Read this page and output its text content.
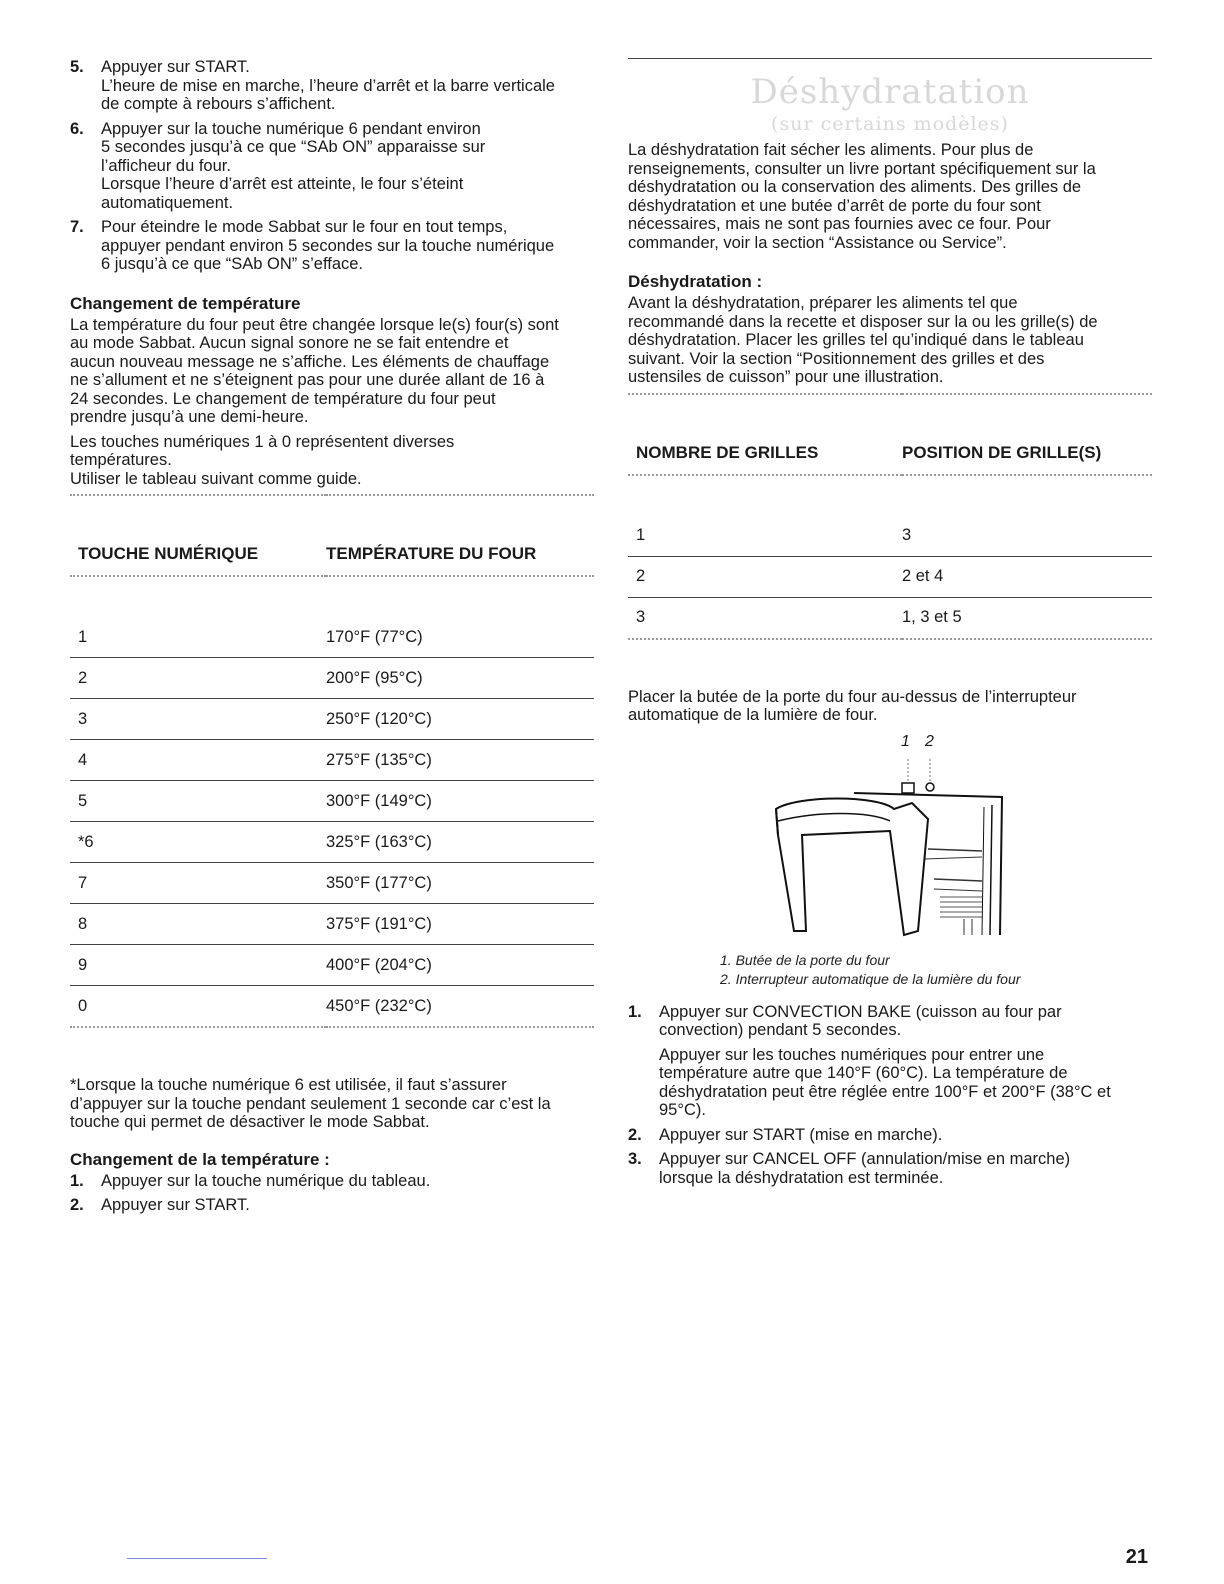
5. Appuyer sur START.
L’heure de mise en marche, l’heure d’arrêt et la barre verticale
de compte à rebours s’affichent.
6. Appuyer sur la touche numérique 6 pendant environ
5 secondes jusqu’à ce que “SAb ON” apparaisse sur
l’afficheur du four.
Lorsque l’heure d’arrêt est atteinte, le four s’éteint
automatiquement.
7. Pour éteindre le mode Sabbat sur le four en tout temps,
appuyer pendant environ 5 secondes sur la touche numérique
6 jusqu’à ce que “SAb ON” s’efface.
Changement de température
La température du four peut être changée lorsque le(s) four(s) sont
au mode Sabbat. Aucun signal sonore ne se fait entendre et
aucun nouveau message ne s’affiche. Les éléments de chauffage
ne s’allument et ne s’éteignent pas pour une durée allant de 16 à
24 secondes. Le changement de température du four peut
prendre jusqu’à une demi-heure.
Les touches numériques 1 à 0 représentent diverses
températures.
Utiliser le tableau suivant comme guide.

TOUCHE NUMÉRIQUE	TEMPÉRATURE DU FOUR

1	170°F (77°C)
2	200°F (95°C)
3	250°F (120°C)
4	275°F (135°C)
5	300°F (149°C)
*6	325°F (163°C)
7	350°F (177°C)
8	375°F (191°C)
9	400°F (204°C)
0	450°F (232°C)

*Lorsque la touche numérique 6 est utilisée, il faut s’assurer
d’appuyer sur la touche pendant seulement 1 seconde car c’est la
touche qui permet de désactiver le mode Sabbat.
Changement de la température :
1. Appuyer sur la touche numérique du tableau.
2. Appuyer sur START.
Déshydratation
(sur certains modèles)
La déshydratation fait sécher les aliments. Pour plus de
renseignements, consulter un livre portant spécifiquement sur la
déshydratation ou la conservation des aliments. Des grilles de
déshydratation et une butée d’arrêt de porte du four sont
nécessaires, mais ne sont pas fournies avec ce four. Pour
commander, voir la section “Assistance ou Service”.
Déshydratation :
Avant la déshydratation, préparer les aliments tel que
recommandé dans la recette et disposer sur la ou les grille(s) de
déshydratation. Placer les grilles tel qu’indiqué dans le tableau
suivant. Voir la section “Positionnement des grilles et des
ustensiles de cuisson” pour une illustration.

NOMBRE DE GRILLES	POSITION DE GRILLE(S)

1	3
2	2 et 4
3	1, 3 et 5

Placer la butée de la porte du four au-dessus de l’interrupteur
automatique de la lumière de four.
1 2
1. Butée de la porte du four
2. Interrupteur automatique de la lumière du four
1. Appuyer sur CONVECTION BAKE (cuisson au four par
convection) pendant 5 secondes.
Appuyer sur les touches numériques pour entrer une
température autre que 140°F (60°C). La température de
déshydratation peut être réglée entre 100°F et 200°F (38°C et
95°C).
2. Appuyer sur START (mise en marche).
3. Appuyer sur CANCEL OFF (annulation/mise en marche)
lorsque la déshydratation est terminée.
21
